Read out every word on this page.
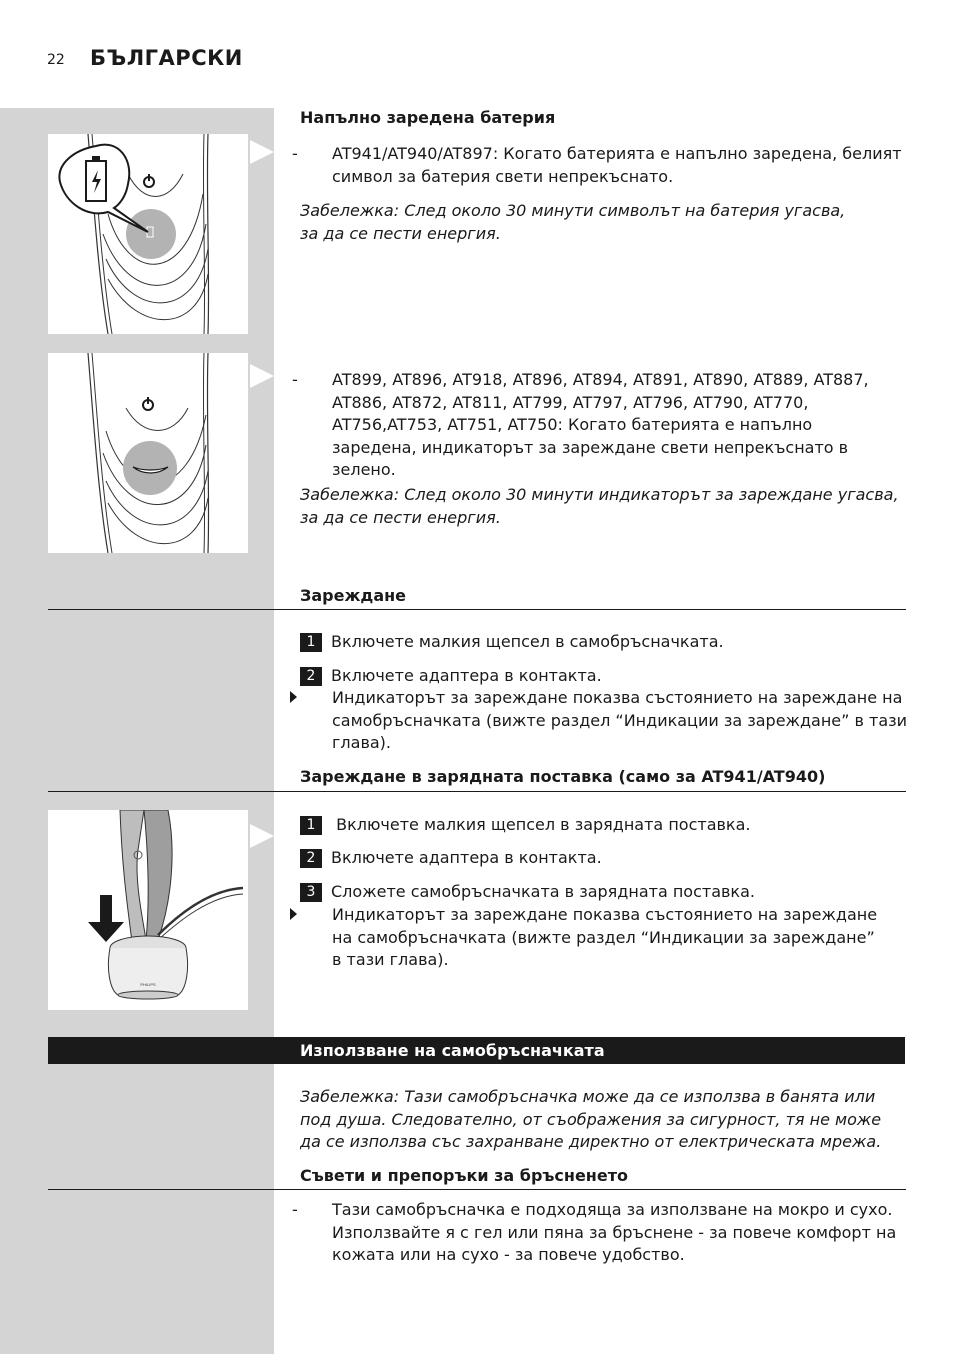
22 БЪЛГАРСКИ
PHILIPS
Напълно заредена батерия
- AT941/AT940/AT897: Когато батерията е напълно заредена, белият символ за батерия свети непрекъснато.
Забележка: След около 30 минути символът на батерия угасва, за да се пести енергия.
- AT899, AT896, AT918, AT896, AT894, AT891, AT890, AT889, AT887, AT886, AT872, AT811, AT799, AT797, AT796, AT790, AT770, AT756,AT753, AT751, AT750: Когато батерията е напълно заредена, индикаторът за зареждане свети непрекъснато в зелено.
Забележка: След около 30 минути индикаторът за зареждане угасва, за да се пести енергия.
Зареждане
1 Включете малкия щепсел в самобръсначката.
2 Включете адаптера в контакта.
Индикаторът за зареждане показва състоянието на зареждане на самобръсначката (вижте раздел “Индикации за зареждане” в тази глава).
Зареждане в зарядната поставка (само за AT941/AT940)
1 Включете малкия щепсел в зарядната поставка.
2 Включете адаптера в контакта.
3 Сложете самобръсначката в зарядната поставка.
Индикаторът за зареждане показва състоянието на зареждане на самобръсначката (вижте раздел “Индикации за зареждане” в тази глава).
Използване на самобръсначката
Забележка: Тази самобръсначка може да се използва в банята или под душа. Следователно, от съображения за сигурност, тя не може да се използва със захранване директно от електрическата мрежа.
Съвети и препоръки за бръсненето
- Тази самобръсначка е подходяща за използване на мокро и сухо. Използвайте я с гел или пяна за бръснене - за повече комфорт на кожата или на сухо - за повече удобство.
